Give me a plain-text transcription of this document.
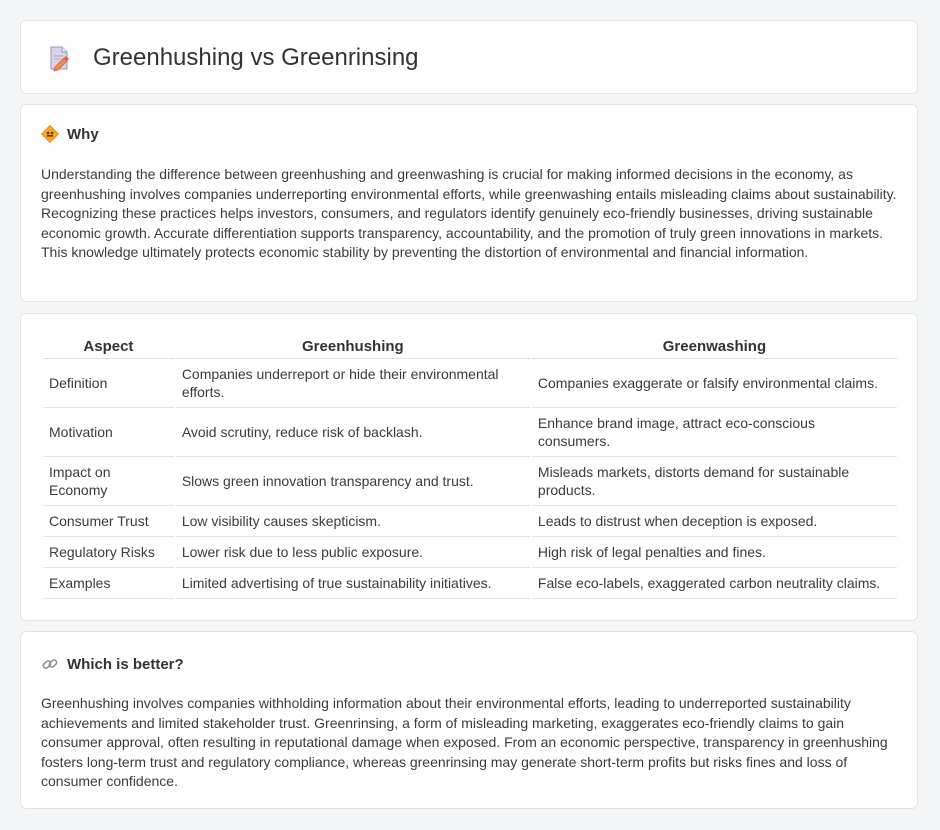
Greenhushing vs Greenrinsing
Why

Understanding the difference between greenhushing and greenwashing is crucial for making informed decisions in the economy, as greenhushing involves companies underreporting environmental efforts, while greenwashing entails misleading claims about sustainability. Recognizing these practices helps investors, consumers, and regulators identify genuinely eco-friendly businesses, driving sustainable economic growth. Accurate differentiation supports transparency, accountability, and the promotion of truly green innovations in markets. This knowledge ultimately protects economic stability by preventing the distortion of environmental and financial information.

Aspect	Greenhushing	Greenwashing
Definition	Companies underreport or hide their environmental efforts.	Companies exaggerate or falsify environmental claims.
Motivation	Avoid scrutiny, reduce risk of backlash.	Enhance brand image, attract eco-conscious consumers.
Impact on Economy	Slows green innovation transparency and trust.	Misleads markets, distorts demand for sustainable products.
Consumer Trust	Low visibility causes skepticism.	Leads to distrust when deception is exposed.
Regulatory Risks	Lower risk due to less public exposure.	High risk of legal penalties and fines.
Examples	Limited advertising of true sustainability initiatives.	False eco-labels, exaggerated carbon neutrality claims.
Which is better?

Greenhushing involves companies withholding information about their environmental efforts, leading to underreported sustainability achievements and limited stakeholder trust. Greenrinsing, a form of misleading marketing, exaggerates eco-friendly claims to gain consumer approval, often resulting in reputational damage when exposed. From an economic perspective, transparency in greenhushing fosters long-term trust and regulatory compliance, whereas greenrinsing may generate short-term profits but risks fines and loss of consumer confidence.
